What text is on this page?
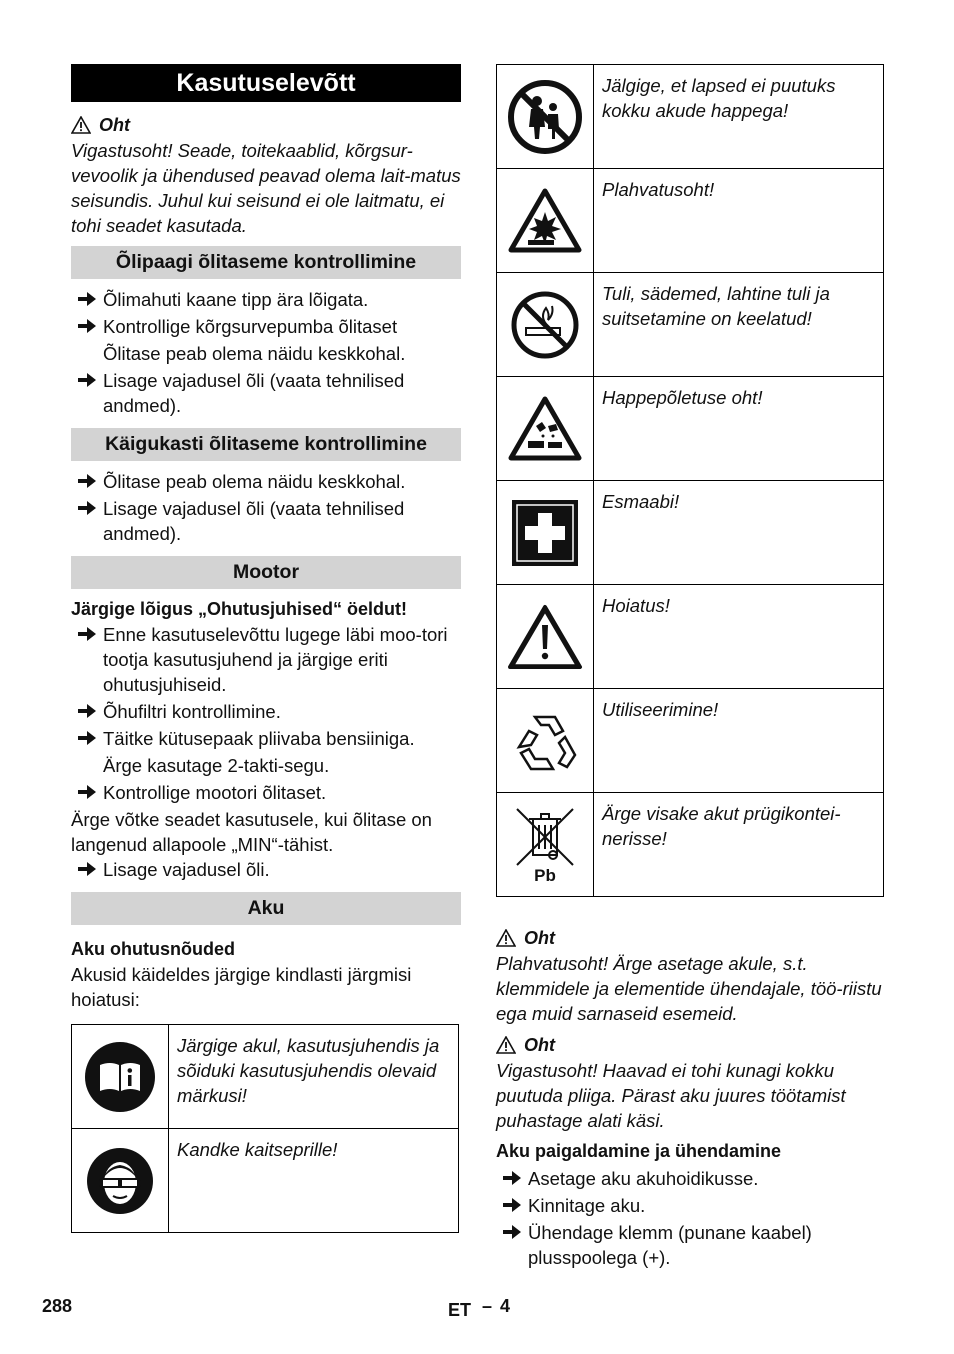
Kasutuselevõtt
Oht
Vigastusoht! Seade, toitekaablid, kõrgsur-vevoolik ja ühendused peavad olema lait-matus seisundis. Juhul kui seisund ei ole laitmatu, ei tohi seadet kasutada.
Õlipaagi õlitaseme kontrollimine
Õlimahuti kaane tipp ära lõigata.
Kontrollige kõrgsurvepumba õlitaset
Õlitase peab olema näidu keskkohal.
Lisage vajadusel õli (vaata tehnilised andmed).
Käigukasti õlitaseme kontrollimine
Õlitase peab olema näidu keskkohal.
Lisage vajadusel õli (vaata tehnilised andmed).
Mootor
Järgige lõigus „Ohutusjuhised“ öeldut!
Enne kasutuselevõttu lugege läbi moo-tori tootja kasutusjuhend ja järgige eriti ohutusjuhiseid.
Õhufiltri kontrollimine.
Täitke kütusepaak pliivaba bensiiniga.
Ärge kasutage 2-takti-segu.
Kontrollige mootori õlitaset.
Ärge võtke seadet kasutusele, kui õlitase on langenud allapoole „MIN“-tähist.
Lisage vajadusel õli.
Aku
Aku ohutusnõuded
Akusid käideldes järgige kindlasti järgmisi hoiatusi:
Järgige akul, kasutusjuhendis ja sõiduki kasutusjuhendis olevaid märkusi!
Kandke kaitseprille!
Jälgige, et lapsed ei puutuks kokku akude happega!
Plahvatusoht!
Tuli, sädemed, lahtine tuli ja suitsetamine on keelatud!
Happepõletuse oht!
Esmaabi!
Hoiatus!
Utiliseerimine!
Pb
Ärge visake akut prügikontei-nerisse!
Oht
Plahvatusoht! Ärge asetage akule, s.t. klemmidele ja elementide ühendajale, töö-riistu ega muid sarnaseid esemeid.
Oht
Vigastusoht! Haavad ei tohi kunagi kokku puutuda pliiga. Pärast aku juures töötamist puhastage alati käsi.
Aku paigaldamine ja ühendamine
Asetage aku akuhoidikusse.
Kinnitage aku.
Ühendage klemm (punane kaabel) plusspoolega (+).
288	ET – 4
